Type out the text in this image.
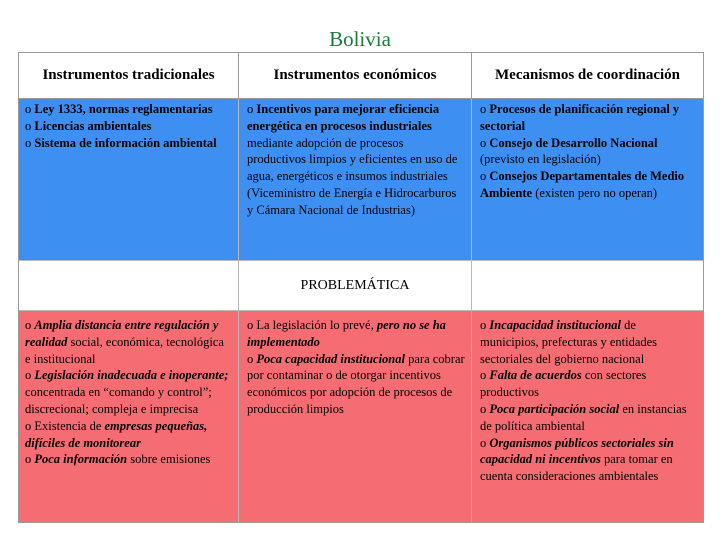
Bolivia
Instrumentos tradicionales	Instrumentos económicos	Mecanismos de coordinación

o Ley 1333, normas reglamentarias

o Licencias ambientales

o Sistema de información ambiental

o Incentivos para mejorar eficiencia energética en procesos industriales mediante adopción de procesos productivos limpios y eficientes en uso de agua, energéticos e insumos industriales (Viceministro de Energía e Hidrocarburos y Cámara Nacional de Industrias)

o Procesos de planificación regional y sectorial

o Consejo de Desarrollo Nacional (previsto en legislación)

o Consejos Departamentales de Medio Ambiente (existen pero no operan)

PROBLEMÁTICA

o Amplia distancia entre regulación y realidad social, económica, tecnológica e institucional

o Legislación inadecuada e inoperante; concentrada en “comando y control”; discrecional; compleja e imprecisa

o Existencia de empresas pequeñas, difíciles de monitorear

o Poca información sobre emisiones

o La legislación lo prevé, pero no se ha implementado

o Poca capacidad institucional para cobrar por contaminar o de otorgar incentivos económicos por adopción de procesos de producción limpios

o Incapacidad institucional de municipios, prefecturas y entidades sectoriales del gobierno nacional

o Falta de acuerdos con sectores productivos

o Poca participación social en instancias de política ambiental

o Organismos públicos sectoriales sin capacidad ni incentivos para tomar en cuenta consideraciones ambientales
